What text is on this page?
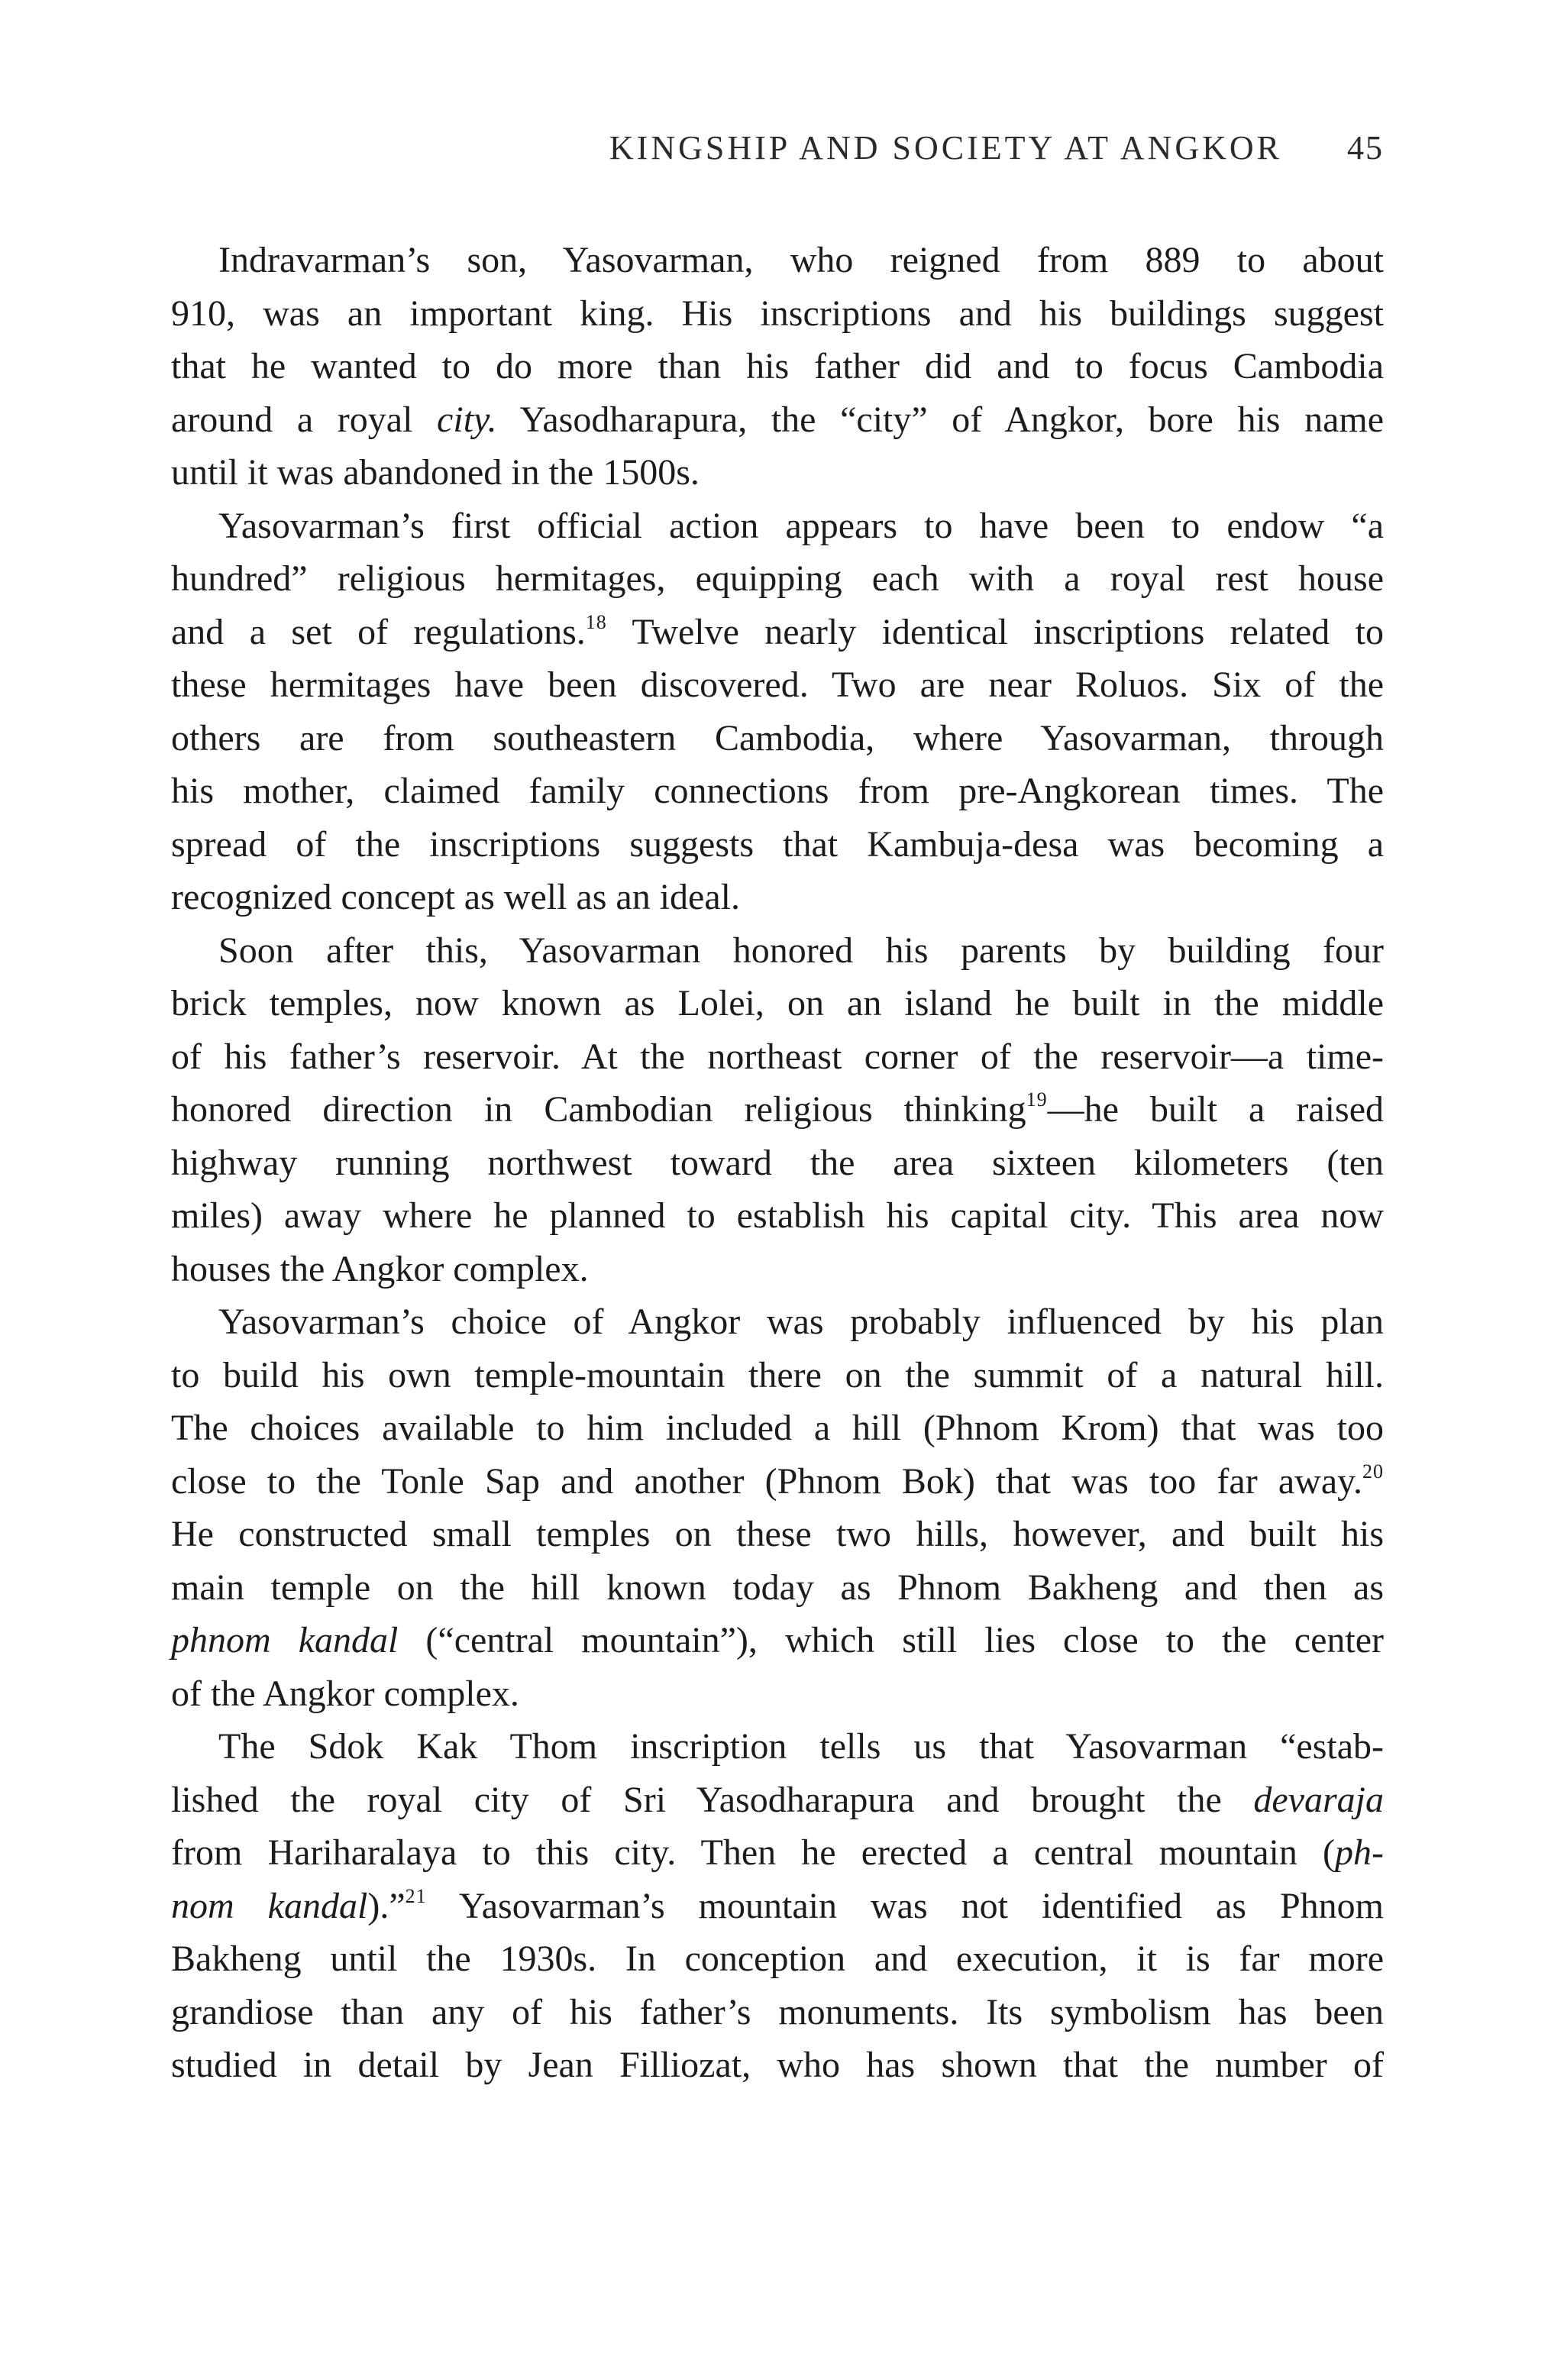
KINGSHIP AND SOCIETY AT ANGKOR 45
Indravarman’s son, Yasovarman, who reigned from 889 to about
910, was an important king. His inscriptions and his buildings suggest
that he wanted to do more than his father did and to focus Cambodia
around a royal city. Yasodharapura, the “city” of Angkor, bore his name
until it was abandoned in the 1500s.
Yasovarman’s first official action appears to have been to endow “a
hundred” religious hermitages, equipping each with a royal rest house
and a set of regulations.$^{18}$ Twelve nearly identical inscriptions related to
these hermitages have been discovered. Two are near Roluos. Six of the
others are from southeastern Cambodia, where Yasovarman, through
his mother, claimed family connections from pre-Angkorean times. The
spread of the inscriptions suggests that Kambuja-desa was becoming a
recognized concept as well as an ideal.
Soon after this, Yasovarman honored his parents by building four
brick temples, now known as Lolei, on an island he built in the middle
of his father’s reservoir. At the northeast corner of the reservoir—a time-
honored direction in Cambodian religious thinking$^{19}$—he built a raised
highway running northwest toward the area sixteen kilometers (ten
miles) away where he planned to establish his capital city. This area now
houses the Angkor complex.
Yasovarman’s choice of Angkor was probably influenced by his plan
to build his own temple-mountain there on the summit of a natural hill.
The choices available to him included a hill (Phnom Krom) that was too
close to the Tonle Sap and another (Phnom Bok) that was too far away.$^{20}$
He constructed small temples on these two hills, however, and built his
main temple on the hill known today as Phnom Bakheng and then as
phnom kandal (“central mountain”), which still lies close to the center
of the Angkor complex.
The Sdok Kak Thom inscription tells us that Yasovarman “estab-
lished the royal city of Sri Yasodharapura and brought the devaraja
from Hariharalaya to this city. Then he erected a central mountain (ph-
nom kandal).”$^{21}$ Yasovarman’s mountain was not identified as Phnom
Bakheng until the 1930s. In conception and execution, it is far more
grandiose than any of his father’s monuments. Its symbolism has been
studied in detail by Jean Filliozat, who has shown that the number of
